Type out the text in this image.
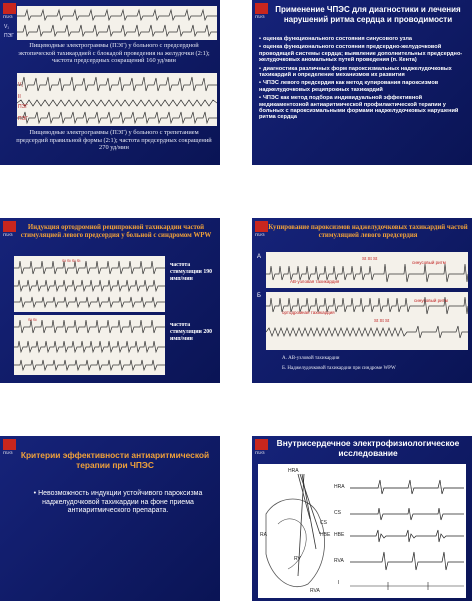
ГБУЗ
V₁
ПЭГ
Пищеводные электрограммы (ПЭГ) у больного с предсердной эктопической тахикардией с блокадой проведения на желудочки (2:1); частота предсердных сокращений 160 уд/мин
V₁
II
ПЭГ
ПЭГ
Пищеводные электрограммы (ПЭГ) у больного с трепетанием предсердий правильной формы (2:1); частота предсердных сокращений 270 уд/мин
ГБУЗ
Применение ЧПЭС для диагностики и лечения нарушений ритма сердца и проводимости
• оценка функционального состояния синусового узла
• оценка функционального состояния предсердно-желудочковой проводящей системы сердца; выявление дополнительных предсердно-желудочковых аномальных путей проведения (п. Кента)
• диагностика различных форм пароксизмальных наджелудочковых тахикардий и определение механизмов их развития
• ЧПЭС левого предсердия как метод купирования пароксизмов наджелудочковых реципрокных тахикардий
• ЧПЭС как метод подбора индивидуальной эффективной медикаментозной антиаритмической профилактической терапии у больных с пароксизмальными формами наджелудочковых нарушений ритма сердца
ГБУЗ
Индукция ортодромной реципрокной тахикардии частой стимуляцией левого предсердия у больной с синдромом WPW
St St St St
частота стимуляции 190 имп/мин
St St
частота стимуляции 200 имп/мин
ГБУЗ
Купирование пароксизмов наджелудочковых тахикардий частой стимуляцией левого предсердия
А	St St St
АВ-узловая тахикардия
синусовый ритм
Б
St St St
ортодромная тахикардия
синусовый ритм
А. АВ-узловой тахикардии
Б. Наджелудочковой тахикардии при синдроме WPW
ГБУЗ Критерии эффективности антиаритмической терапии при ЧПЭС
• Невозможность индукции устойчивого пароксизма наджелудочковой тахикардии на фоне приема антиаритмического препарата.
ГБУЗ
Внутрисердечное электрофизиологическое исследование
CS
HBE
RA
RV
RVA
HRA
CS
HBE
RVA
HRA
I
